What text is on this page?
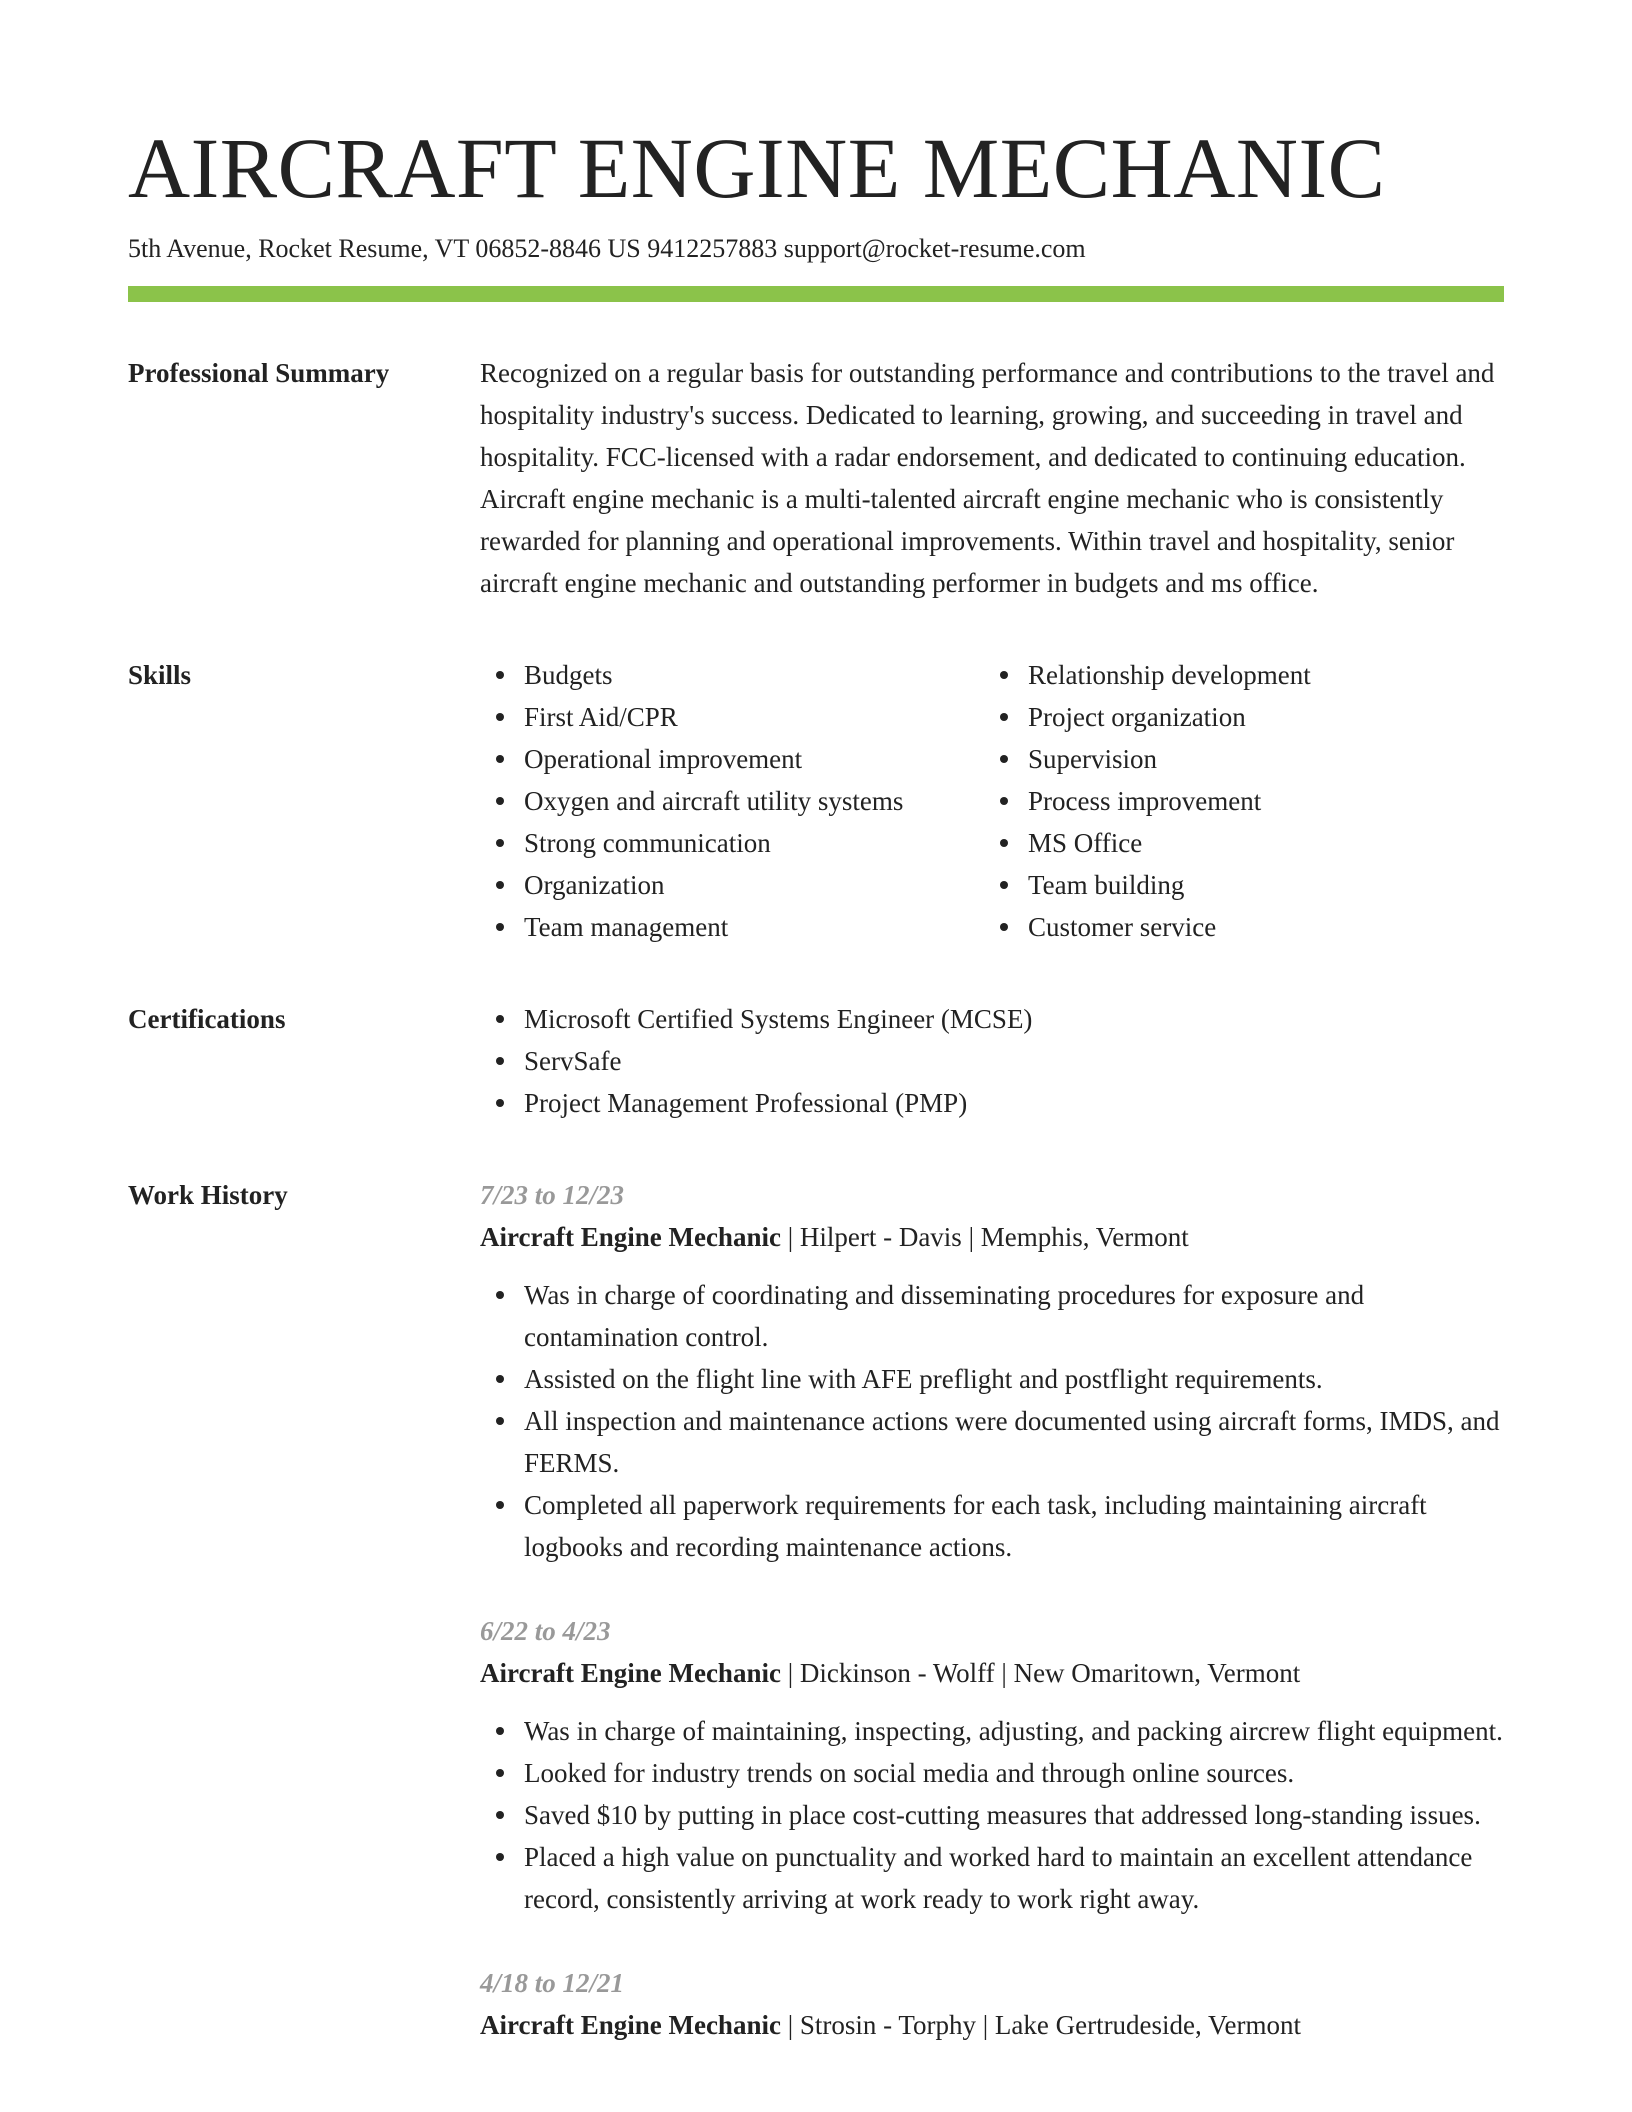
AIRCRAFT ENGINE MECHANIC
5th Avenue, Rocket Resume, VT 06852-8846 US 9412257883 support@rocket-resume.com
Professional Summary	Recognized on a regular basis for outstanding performance and contributions to the travel and hospitality industry's success. Dedicated to learning, growing, and succeeding in travel and hospitality. FCC-licensed with a radar endorsement, and dedicated to continuing education. Aircraft engine mechanic is a multi-talented aircraft engine mechanic who is consistently rewarded for planning and operational improvements. Within travel and hospitality, senior aircraft engine mechanic and outstanding performer in budgets and ms office.

Skills	Budgets
First Aid/CPR
Operational improvement
Oxygen and aircraft utility systems
Strong communication
Organization
Team management
Relationship development
Project organization
Supervision
Process improvement
MS Office
Team building
Customer service
Certifications	Microsoft Certified Systems Engineer (MCSE)
ServSafe
Project Management Professional (PMP)
Work History	7/23 to 12/23
Aircraft Engine Mechanic | Hilpert - Davis | Memphis, Vermont
Was in charge of coordinating and disseminating procedures for exposure and contamination control.
Assisted on the flight line with AFE preflight and postflight requirements.
All inspection and maintenance actions were documented using aircraft forms, IMDS, and FERMS.
Completed all paperwork requirements for each task, including maintaining aircraft logbooks and recording maintenance actions.
6/22 to 4/23
Aircraft Engine Mechanic | Dickinson - Wolff | New Omaritown, Vermont
Was in charge of maintaining, inspecting, adjusting, and packing aircrew flight equipment.
Looked for industry trends on social media and through online sources.
Saved $10 by putting in place cost-cutting measures that addressed long-standing issues.
Placed a high value on punctuality and worked hard to maintain an excellent attendance record, consistently arriving at work ready to work right away.
4/18 to 12/21
Aircraft Engine Mechanic | Strosin - Torphy | Lake Gertrudeside, Vermont
